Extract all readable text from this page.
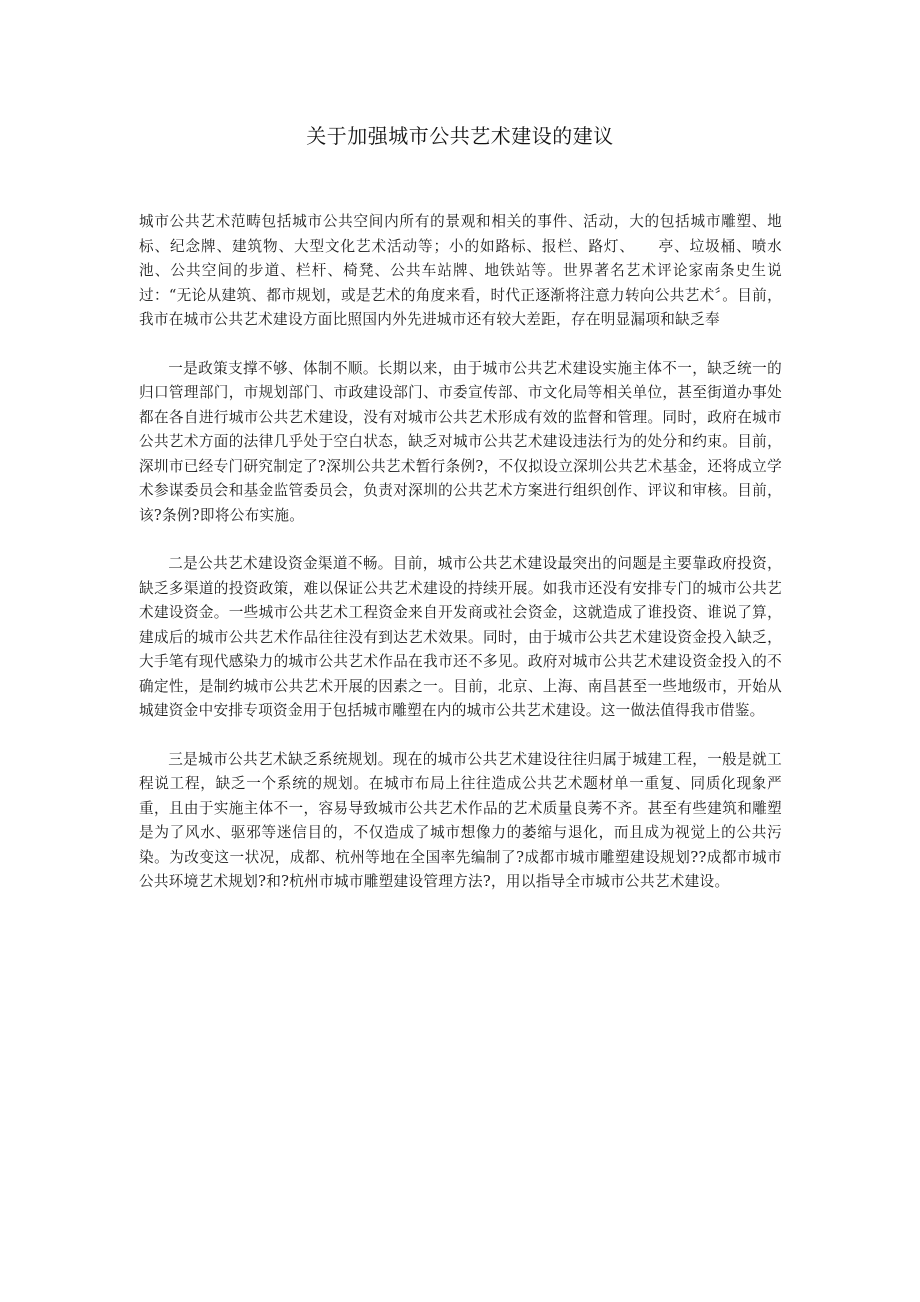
关于加强城市公共艺术建设的建议

城市公共艺术范畴包括城市公共空间内所有的景观和相关的事件、活动，大的包括城市雕塑、地标、纪念牌、建筑物、大型文化艺术活动等；小的如路标、报栏、路灯、　　亭、垃圾桶、喷水池、公共空间的步道、栏杆、椅凳、公共车站牌、地铁站等。世界著名艺术评论家南条史生说过：“无论从建筑、都市规划，或是艺术的角度来看，时代正逐渐将注意力转向公共艺术〞。目前，我市在城市公共艺术建设方面比照国内外先进城市还有较大差距，存在明显漏项和缺乏奉

一是政策支撑不够、体制不顺。长期以来，由于城市公共艺术建设实施主体不一，缺乏统一的归口管理部门，市规划部门、市政建设部门、市委宣传部、市文化局等相关单位，甚至街道办事处都在各自进行城市公共艺术建设，没有对城市公共艺术形成有效的监督和管理。同时，政府在城市公共艺术方面的法律几乎处于空白状态，缺乏对城市公共艺术建设违法行为的处分和约束。目前，深圳市已经专门研究制定了?深圳公共艺术暂行条例?，不仅拟设立深圳公共艺术基金，还将成立学术参谋委员会和基金监管委员会，负责对深圳的公共艺术方案进行组织创作、评议和审核。目前，该?条例?即将公布实施。

二是公共艺术建设资金渠道不畅。目前，城市公共艺术建设最突出的问题是主要靠政府投资，缺乏多渠道的投资政策，难以保证公共艺术建设的持续开展。如我市还没有安排专门的城市公共艺术建设资金。一些城市公共艺术工程资金来自开发商或社会资金，这就造成了谁投资、谁说了算，建成后的城市公共艺术作品往往没有到达艺术效果。同时，由于城市公共艺术建设资金投入缺乏，大手笔有现代感染力的城市公共艺术作品在我市还不多见。政府对城市公共艺术建设资金投入的不确定性，是制约城市公共艺术开展的因素之一。目前，北京、上海、南昌甚至一些地级市，开始从城建资金中安排专项资金用于包括城市雕塑在内的城市公共艺术建设。这一做法值得我市借鉴。

三是城市公共艺术缺乏系统规划。现在的城市公共艺术建设往往归属于城建工程，一般是就工程说工程，缺乏一个系统的规划。在城市布局上往往造成公共艺术题材单一重复、同质化现象严重，且由于实施主体不一，容易导致城市公共艺术作品的艺术质量良莠不齐。甚至有些建筑和雕塑是为了风水、驱邪等迷信目的，不仅造成了城市想像力的萎缩与退化，而且成为视觉上的公共污染。为改变这一状况，成都、杭州等地在全国率先编制了?成都市城市雕塑建设规划??成都市城市公共环境艺术规划?和?杭州市城市雕塑建设管理方法?，用以指导全市城市公共艺术建设。
